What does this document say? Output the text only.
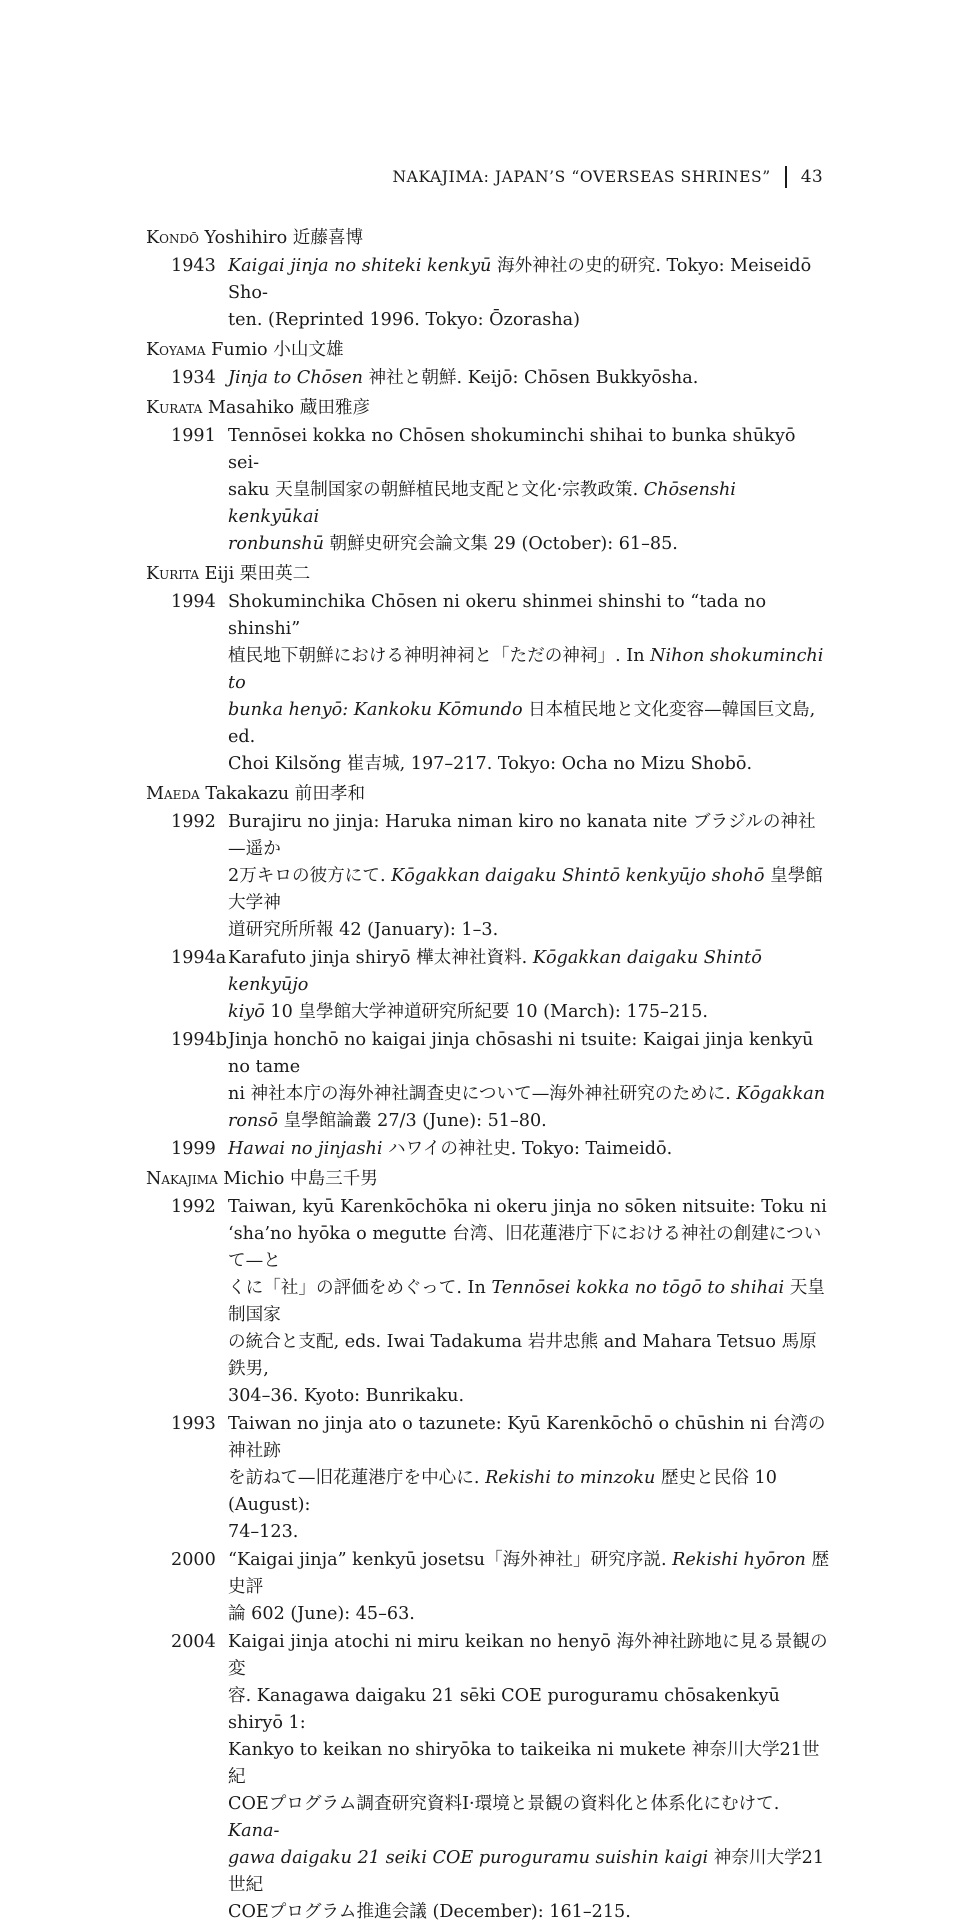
NAKAJIMA: JAPAN’S “OVERSEAS SHRINES” 43
Kondō Yoshihiro 近藤喜博
1943 Kaigai jinja no shiteki kenkyū 海外神社の史的研究. Tokyo: Meiseidō Sho-
ten. (Reprinted 1996. Tokyo: Ōzorasha)
Koyama Fumio 小山文雄
1934 Jinja to Chōsen 神社と朝鮮. Keijō: Chōsen Bukkyōsha.
Kurata Masahiko 蔵田雅彦
1991 Tennōsei kokka no Chōsen shokuminchi shihai to bunka shūkyō sei-
saku 天皇制国家の朝鮮植民地支配と文化·宗教政策. Chōsenshi kenkyūkai
ronbunshū 朝鮮史研究会論文集 29 (October): 61–85.
Kurita Eiji 栗田英二
1994 Shokuminchika Chōsen ni okeru shinmei shinshi to “tada no shinshi”
植民地下朝鮮における神明神祠と「ただの神祠」. In Nihon shokuminchi to
bunka henyō: Kankoku Kōmundo 日本植民地と文化変容—韓国巨文島, ed.
Choi Kilsŏng 崔吉城, 197–217. Tokyo: Ocha no Mizu Shobō.
Maeda Takakazu 前田孝和
1992 Burajiru no jinja: Haruka niman kiro no kanata nite ブラジルの神社—遥か
2万キロの彼方にて. Kōgakkan daigaku Shintō kenkyūjo shohō 皇學館大学神
道研究所所報 42 (January): 1–3.
1994a Karafuto jinja shiryō 樺太神社資料. Kōgakkan daigaku Shintō kenkyūjo
kiyō 10 皇學館大学神道研究所紀要 10 (March): 175–215.
1994b Jinja honchō no kaigai jinja chōsashi ni tsuite: Kaigai jinja kenkyū no tame
ni 神社本庁の海外神社調査史について—海外神社研究のために. Kōgakkan
ronsō 皇學館論叢 27/3 (June): 51–80.
1999 Hawai no jinjashi ハワイの神社史. Tokyo: Taimeidō.
Nakajima Michio 中島三千男
1992 Taiwan, kyū Karenkōchōka ni okeru jinja no sōken nitsuite: Toku ni
‘sha’no hyōka o megutte 台湾、旧花蓮港庁下における神社の創建について—と
くに「社」の評価をめぐって. In Tennōsei kokka no tōgō to shihai 天皇制国家
の統合と支配, eds. Iwai Tadakuma 岩井忠熊 and Mahara Tetsuo 馬原鉄男,
304–36. Kyoto: Bunrikaku.
1993 Taiwan no jinja ato o tazunete: Kyū Karenkōchō o chūshin ni 台湾の神社跡
を訪ねて—旧花蓮港庁を中心に. Rekishi to minzoku 歴史と民俗 10 (August):
74–123.
2000 “Kaigai jinja” kenkyū josetsu「海外神社」研究序説. Rekishi hyōron 歴史評
論 602 (June): 45–63.
2004 Kaigai jinja atochi ni miru keikan no henyō 海外神社跡地に見る景観の変
容. Kanagawa daigaku 21 sēki COE puroguramu chōsakenkyū shiryō 1:
Kankyo to keikan no shiryōka to taikeika ni mukete 神奈川大学21世紀
COEプログラム調査研究資料I·環境と景観の資料化と体系化にむけて. Kana-
gawa daigaku 21 seiki COE puroguramu suishin kaigi 神奈川大学21世紀
COEプログラム推進会議 (December): 161–215.
